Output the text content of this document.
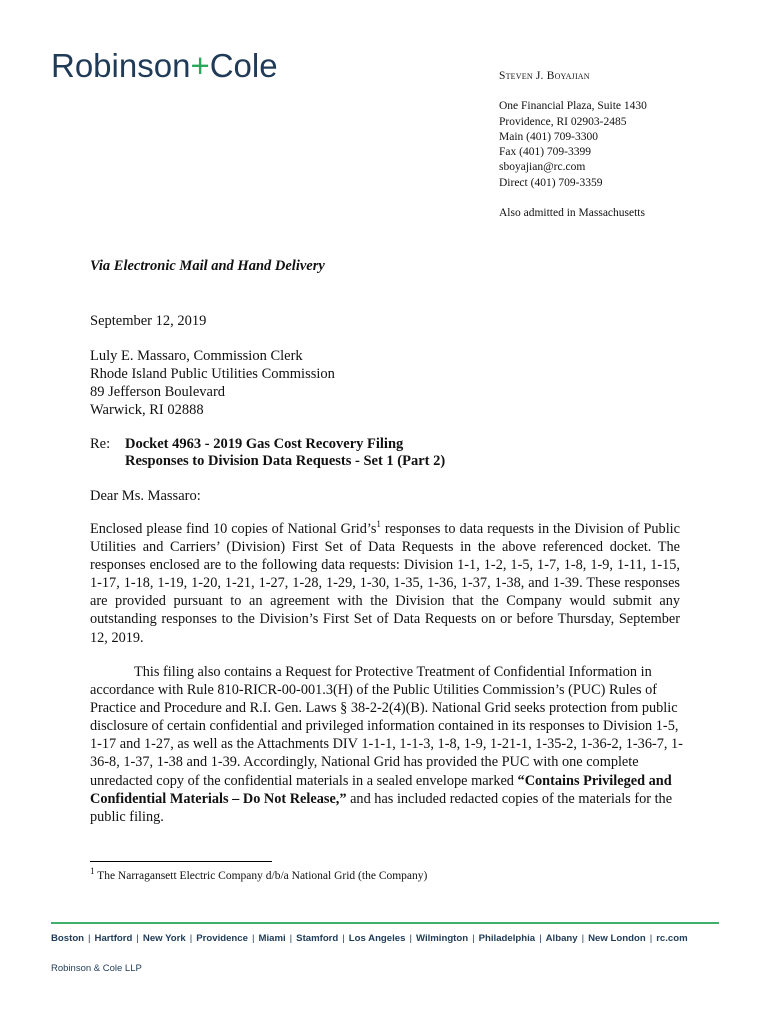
Robinson+Cole	Steven J. Boyajian
One Financial Plaza, Suite 1430
Providence, RI 02903-2485
Main (401) 709-3300
Fax (401) 709-3399
sboyajian@rc.com
Direct (401) 709-3359
Also admitted in Massachusetts
Via Electronic Mail and Hand Delivery
September 12, 2019
Luly E. Massaro, Commission Clerk
Rhode Island Public Utilities Commission
89 Jefferson Boulevard
Warwick, RI 02888
Re: Docket 4963 - 2019 Gas Cost Recovery Filing
Responses to Division Data Requests - Set 1 (Part 2)
Dear Ms. Massaro:
Enclosed please find 10 copies of National $Grid’s^1$ responses to data requests in the Division of Public Utilities and Carriers’ (Division) First Set of Data Requests in the above referenced docket. The responses enclosed are to the following data requests: Division 1-1, 1-2, 1-5, 1-7, 1-8, 1-9, 1-11, 1-15, 1-17, 1-18, 1-19, 1-20, 1-21, 1-27, 1-28, 1-29, 1-30, 1-35, 1-36, 1-37, 1-38, and 1-39. These responses are provided pursuant to an agreement with the Division that the Company would submit any outstanding responses to the Division’s First Set of Data Requests on or before Thursday, September 12, 2019.
This filing also contains a Request for Protective Treatment of Confidential Information in accordance with Rule 810-RICR-00-001.3(H) of the Public Utilities Commission’s (PUC) Rules of Practice and Procedure and R.I. Gen. Laws § 38-2-2(4)(B). National Grid seeks protection from public disclosure of certain confidential and privileged information contained in its responses to Division 1-5, 1-17 and 1-27, as well as the Attachments DIV 1-1-1, 1-1-3, 1-8, 1-9, 1-21-1, 1-35-2, 1-36-2, 1-36-7, 1-36-8, 1-37, 1-38 and 1-39. Accordingly, National Grid has provided the PUC with one complete unredacted copy of the confidential materials in a sealed envelope marked “Contains Privileged and Confidential Materials – Do Not Release,” and has included redacted copies of the materials for the public filing.
$^1$ The Narragansett Electric Company d/b/a National Grid (the Company)
Boston | Hartford | New York | Providence | Miami | Stamford | Los Angeles | Wilmington | Philadelphia | Albany | New London | rc.com
Robinson & Cole LLP
